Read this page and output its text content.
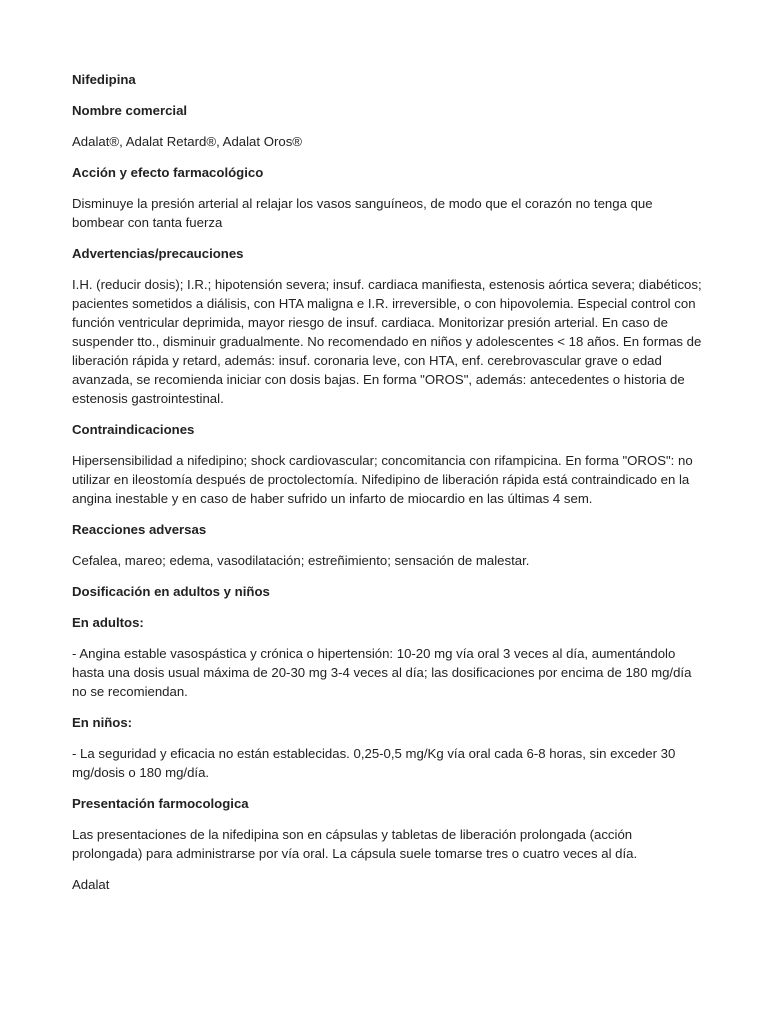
Nifedipina

Nombre comercial

Adalat®, Adalat Retard®, Adalat Oros®

Acción y efecto farmacológico

Disminuye la presión arterial al relajar los vasos sanguíneos, de modo que el corazón no tenga que bombear con tanta fuerza

Advertencias/precauciones

I.H. (reducir dosis); I.R.; hipotensión severa; insuf. cardiaca manifiesta, estenosis aórtica severa; diabéticos; pacientes sometidos a diálisis, con HTA maligna e I.R. irreversible, o con hipovolemia. Especial control con función ventricular deprimida, mayor riesgo de insuf. cardiaca. Monitorizar presión arterial. En caso de suspender tto., disminuir gradualmente. No recomendado en niños y adolescentes < 18 años. En formas de liberación rápida y retard, además: insuf. coronaria leve, con HTA, enf. cerebrovascular grave o edad avanzada, se recomienda iniciar con dosis bajas. En forma "OROS", además: antecedentes o historia de estenosis gastrointestinal.

Contraindicaciones

Hipersensibilidad a nifedipino; shock cardiovascular; concomitancia con rifampicina. En forma "OROS": no utilizar en ileostomía después de proctolectomía. Nifedipino de liberación rápida está contraindicado en la angina inestable y en caso de haber sufrido un infarto de miocardio en las últimas 4 sem.

Reacciones adversas

Cefalea, mareo; edema, vasodilatación; estreñimiento; sensación de malestar.

Dosificación en adultos y niños

En adultos:

- Angina estable vasospástica y crónica o hipertensión: 10-20 mg vía oral 3 veces al día, aumentándolo hasta una dosis usual máxima de 20-30 mg 3-4 veces al día; las dosificaciones por encima de 180 mg/día no se recomiendan.

En niños:

- La seguridad y eficacia no están establecidas. 0,25-0,5 mg/Kg vía oral cada 6-8 horas, sin exceder 30 mg/dosis o 180 mg/día.

Presentación farmocologica

Las presentaciones de la nifedipina son en cápsulas y tabletas de liberación prolongada (acción prolongada) para administrarse por vía oral. La cápsula suele tomarse tres o cuatro veces al día.

Adalat
